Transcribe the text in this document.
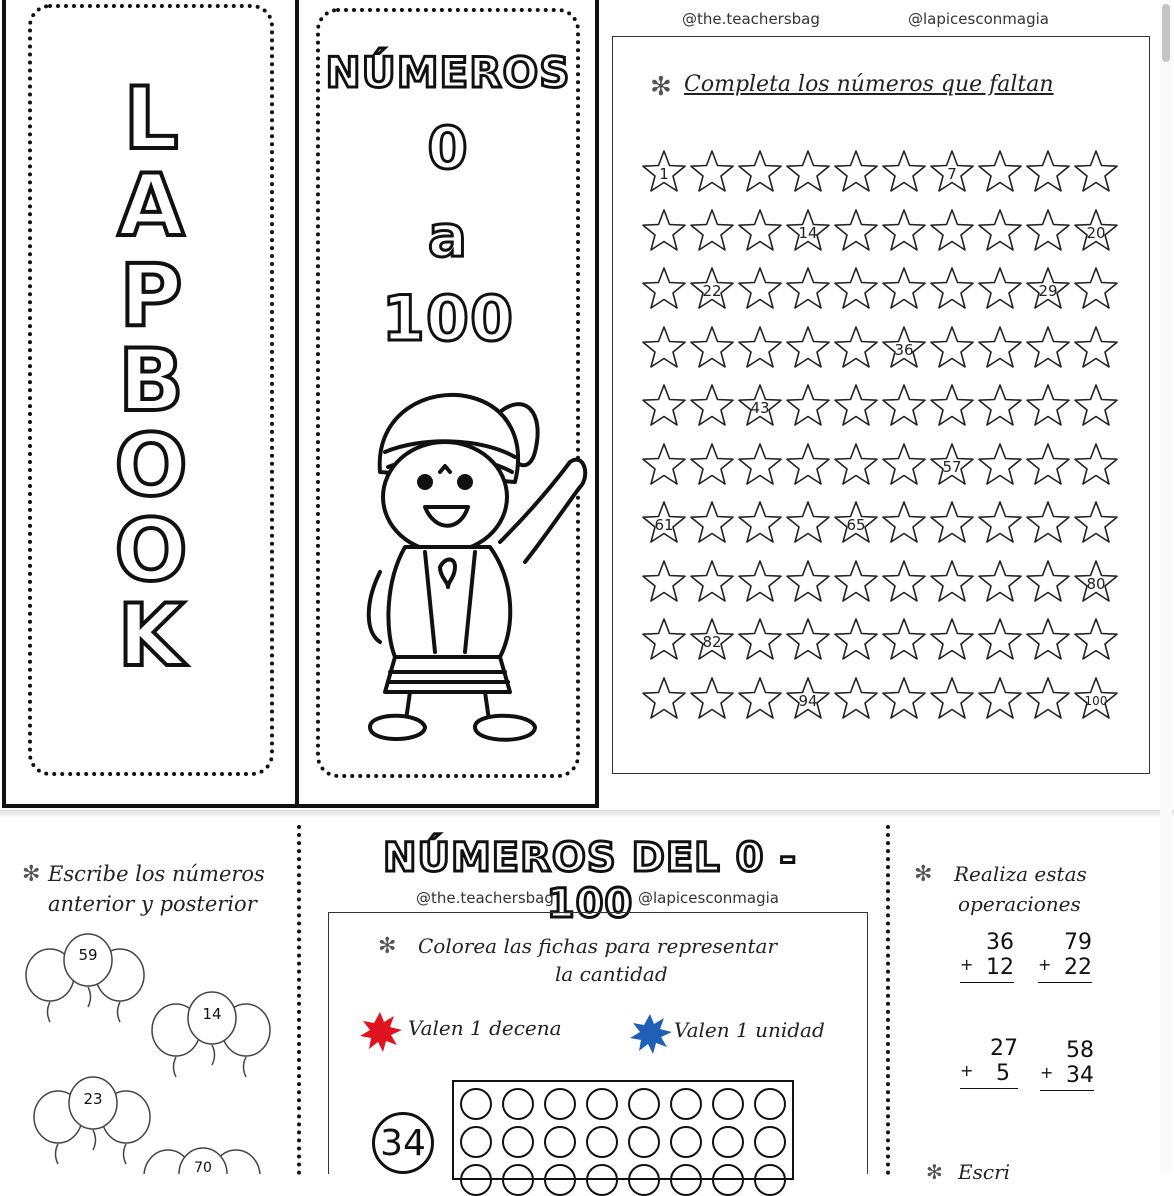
L
A
P
B
O
O
K
NÚMEROS
0
a
100
@the.teachersbag	@lapicesconmagia
✻ Completa los números que faltan
1	7
14	20
22	29
36
43
57
61	65
80
82
94	100
✻ Escribe los números
anterior y posterior
59
14
23
70
NÚMEROS DEL 0 - 100
@the.teachersbag	@lapicesconmagia
✻ Colorea las fichas para representar
la cantidad
Valen 1 decena	Valen 1 unidad
34
✻ Realiza estas
operaciones
36
+ 12
79
+ 22
27
+ 5
58
+ 34
✻ Escri
